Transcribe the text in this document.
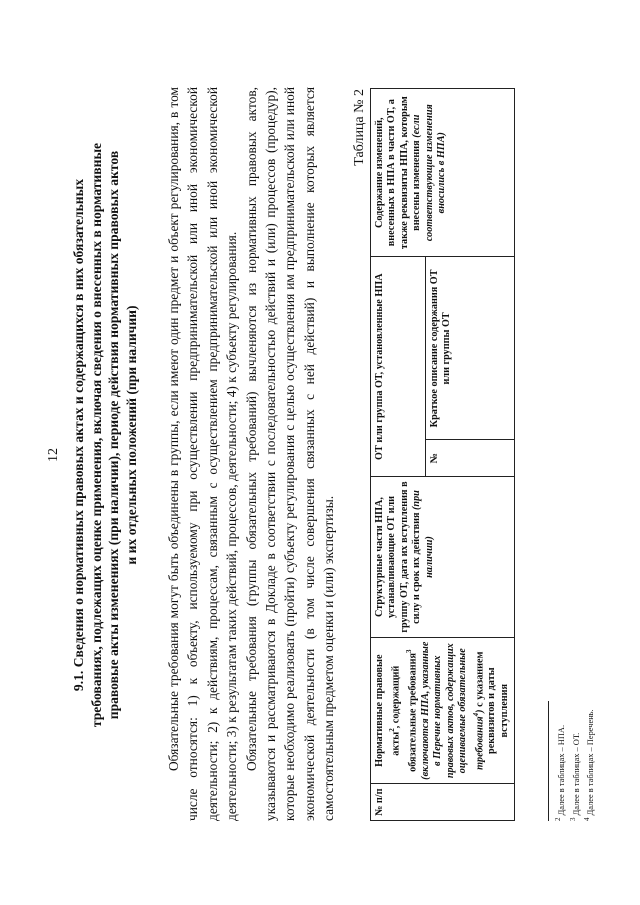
12 9.1. Сведения о нормативных правовых актах и содержащихся в них обязательных требованиях, подлежащих оценке применения, включая сведения о внесенных в нормативные правовые акты изменениях (при наличии), периоде действия нормативных правовых актов и их отдельных положений (при наличии) Обязательные требования могут быть объединены в группы, если имеют один предмет и объект регулирования, в том числе относятся: 1) к объекту, используемому при осуществлении предпринимательской или иной экономической деятельности; 2) к действиям, процессам, связанным с осуществлением предпринимательской или иной экономической деятельности; 3) к результатам таких действий, процессов, деятельности; 4) к субъекту регулирования. Обязательные требования (группы обязательных требований) вычленяются из нормативных правовых актов, указываются и рассматриваются в Докладе в соответствии с последовательностью действий и (или) процессов (процедур), которые необходимо реализовать (пройти) субъекту регулирования с целью осуществления им предпринимательской или иной экономической деятельности (в том числе совершения связанных с ней действий) и выполнение которых является самостоятельным предметом оценки и (или) экспертизы.

Таблица № 2
№ п/п	Нормативные правовые акты$^2$, содержащий обязательные требования$^3$ (включаются НПА, указанные в Перечне нормативных правовых актов, содержащих оцениваемые обязательные требования$^4$) с указанием реквизитов и даты вступления	Структурные части НПА, устанавливающие ОТ или группу ОТ, дата их вступления в силу и срок их действия (при наличии)	ОТ или группа ОТ, установленные НПА		Содержание изменений, внесенных в НПА в части ОТ, а также реквизиты НПА, которым внесены изменения (если соответствующие изменения вносились в НПА)
			№	Краткое описание содержания ОТ или группы ОТ	
$^2$ Далее в таблицах – НПА.
$^3$ Далее в таблицах – ОТ.
$^4$ Далее в таблицах – Перечень.
